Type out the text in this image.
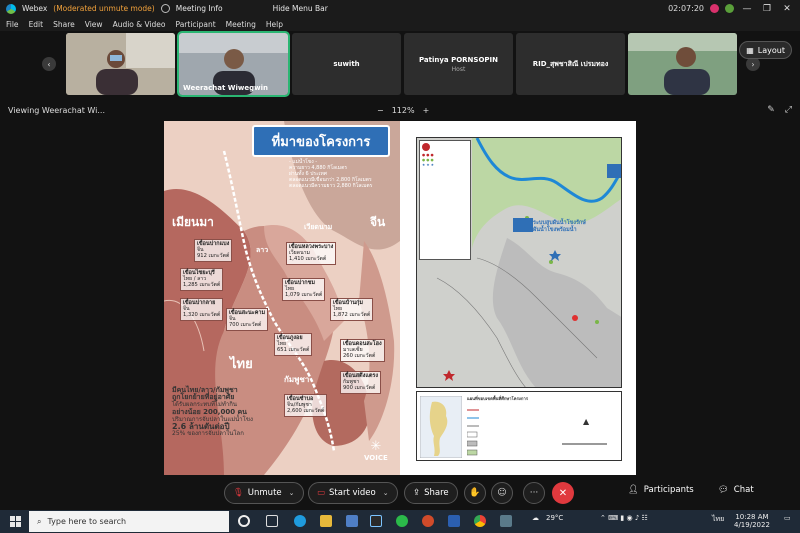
Webex (Moderated unmute mode)	Meeting Info	Hide Menu Bar	02:07:20	—	❐	✕
File Edit Share View Audio & Video Participant Meeting Help
‹
Weerachat Wiwegwin
suwith
Patinya PORNSOPIN
Host
RID_สุพชาสิณี เปรมทอง	›
▦ Layout
Viewing Weerachat Wi...	− 112% +	✎ ⤢
ที่มาของโครงการ
- แม่น้ำโขง -
ความยาว 4,880 กิโลเมตร
ผ่านทั้ง 6 ประเทศ
ตลอดแนวมีเขื่อนกว่า 2,800 กิโลเมตร
ตลอดแนวมีความยาว 2,880 กิโลเมตร
เมียนมา	จีน
เวียดนาม
ลาว
ไทย
กัมพูชา
เขื่อนปากแบง
จีน
912 เมกะวัตต์
เขื่อนไซยะบุรี
ไทย / ลาว
1,285 เมกะวัตต์
เขื่อนปากลาย
จีน
1,320 เมกะวัตต์
เขื่อนหลวงพระบาง
เวียดนาม
1,410 เมกะวัตต์
เขื่อนปากชม
ไทย
1,079 เมกะวัตต์
เขื่อนสะนะคาม
จีน
700 เมกะวัตต์
เขื่อนบ้านกุ่ม
ไทย
1,872 เมกะวัตต์
เขื่อนภูงอย
ไทย
651 เมกะวัตต์
เขื่อนดอนสะโฮง
มาเลเซีย
260 เมกะวัตต์
เขื่อนสตึงแตรง
กัมพูชา
900 เมกะวัตต์
เขื่อนซำบอ
จีน/กัมพูชา
2,600 เมกะวัตต์
มีคนไทย/ลาว/กัมพูชา
ถูกโยกย้ายที่อยู่อาศัย
ได้รับผลกระทบที่ไม่ทำกิน
อย่างน้อย 200,000 คน
ปริมาณการจับปลาในแม่น้ำโขง
2.6 ล้านตันต่อปี
25% ของการจับปลาในโลก
✳
VOICE
● ● ●
● ● ●
★ ★ ★
ระบบสูบผันน้ำโขงรักษ์
ผันน้ำโขงพร้อมน้ำ
แผนที่ขอบเขตพื้นที่ศึกษาโครงการ
▲
🎙︎ Unmute ⌄	▭ Start video ⌄	⇪ Share	✋	☺	···	✕	👤︎ Participants	💬︎ Chat
⌕ Type here to search	☁ 29°C	⌃ ⌨ ▮ ◉ ♪ ☷	ไทย 10:28 AM
4/19/2022
▭
